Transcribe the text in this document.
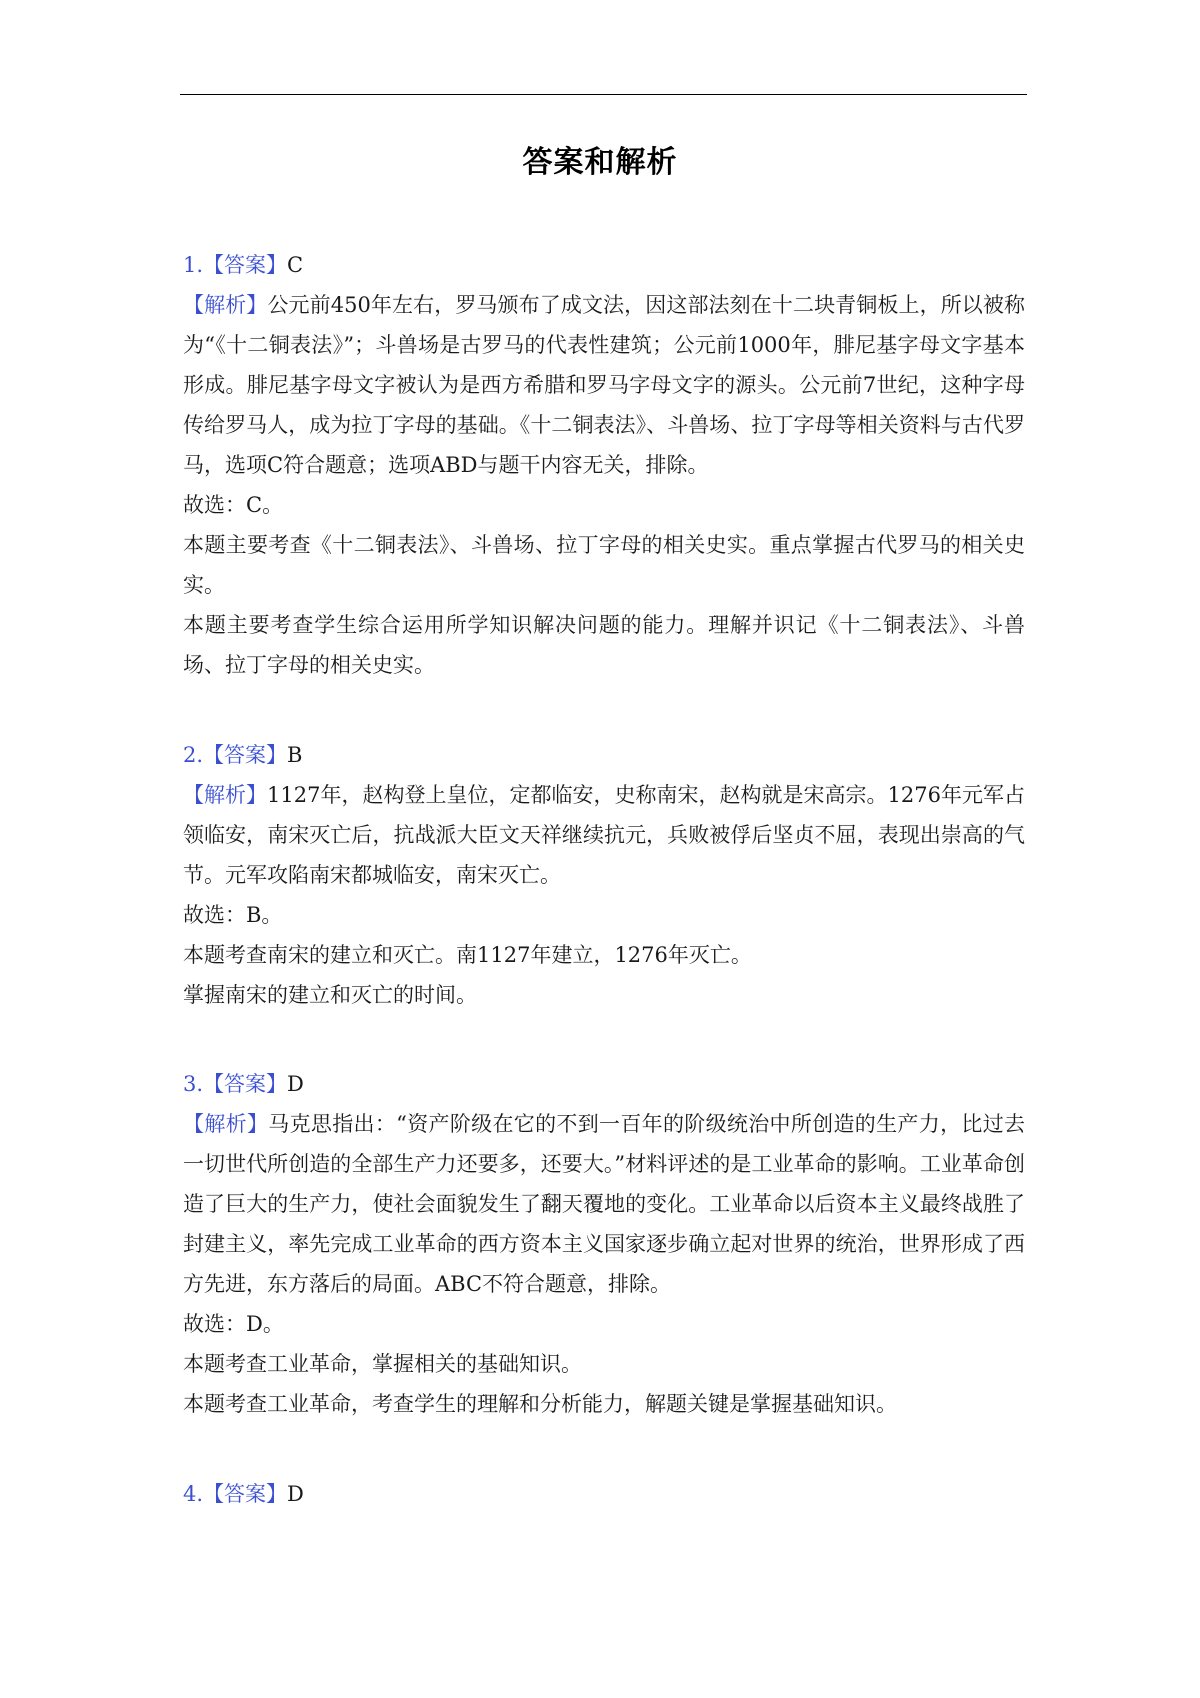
答案和解析
1.【答案】C

【解析】公元前450年左右，罗马颁布了成文法，因这部法刻在十二块青铜板上，所以被称为“《十二铜表法》”；斗兽场是古罗马的代表性建筑；公元前1000年，腓尼基字母文字基本形成。腓尼基字母文字被认为是西方希腊和罗马字母文字的源头。公元前7世纪，这种字母传给罗马人，成为拉丁字母的基础。《十二铜表法》、斗兽场、拉丁字母等相关资料与古代罗马，选项C符合题意；选项ABD与题干内容无关，排除。

故选：C。

本题主要考查《十二铜表法》、斗兽场、拉丁字母的相关史实。重点掌握古代罗马的相关史实。

本题主要考查学生综合运用所学知识解决问题的能力。理解并识记《十二铜表法》、斗兽场、拉丁字母的相关史实。

2.【答案】B

【解析】1127年，赵构登上皇位，定都临安，史称南宋，赵构就是宋高宗。1276年元军占领临安，南宋灭亡后，抗战派大臣文天祥继续抗元，兵败被俘后坚贞不屈，表现出崇高的气节。元军攻陷南宋都城临安，南宋灭亡。

故选：B。

本题考查南宋的建立和灭亡。南1127年建立，1276年灭亡。

掌握南宋的建立和灭亡的时间。

3.【答案】D

【解析】马克思指出：“资产阶级在它的不到一百年的阶级统治中所创造的生产力，比过去一切世代所创造的全部生产力还要多，还要大。”材料评述的是工业革命的影响。工业革命创造了巨大的生产力，使社会面貌发生了翻天覆地的变化。工业革命以后资本主义最终战胜了封建主义，率先完成工业革命的西方资本主义国家逐步确立起对世界的统治，世界形成了西方先进，东方落后的局面。ABC不符合题意，排除。

故选：D。

本题考查工业革命，掌握相关的基础知识。

本题考查工业革命，考查学生的理解和分析能力，解题关键是掌握基础知识。

4.【答案】D
